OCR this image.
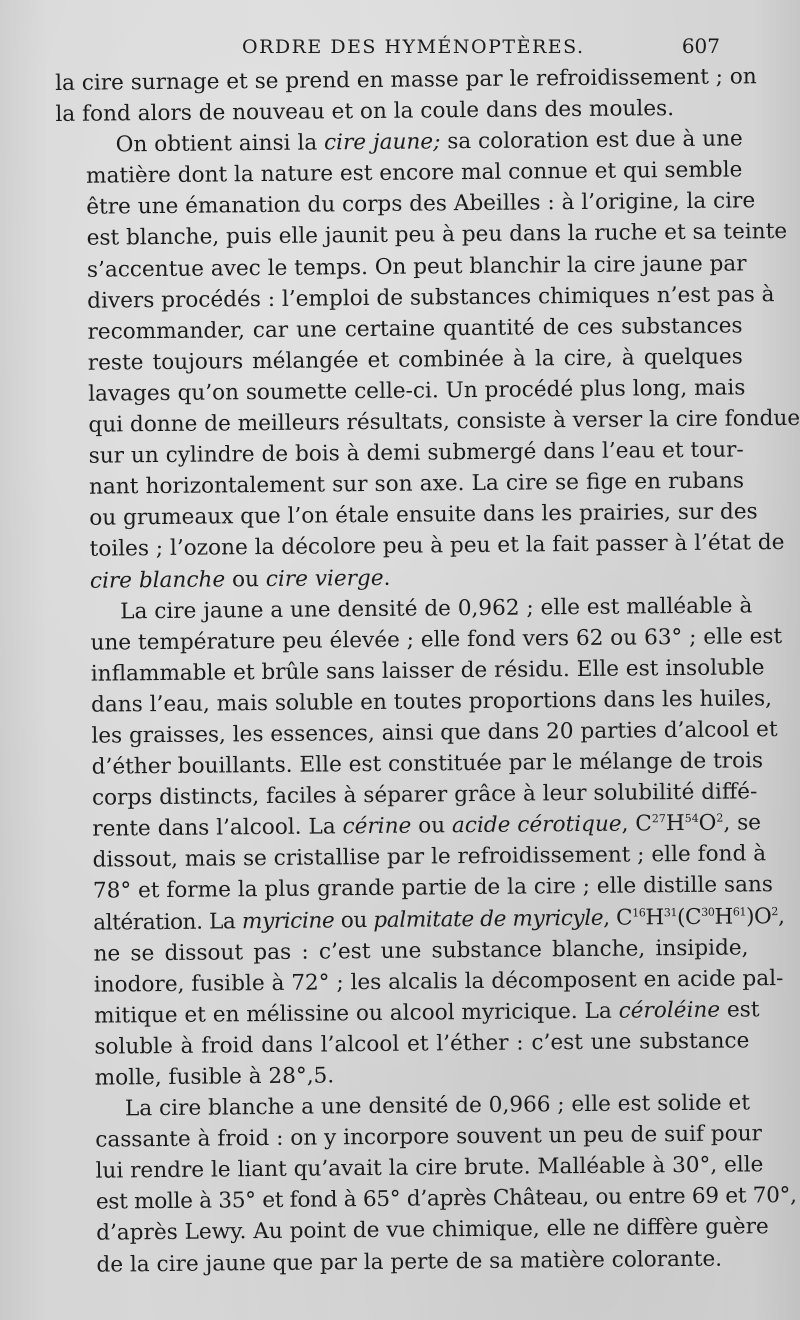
ORDRE DES HYMÉNOPTÈRES.	607
la cire surnage et se prend en masse par le refroidissement ; on
la fond alors de nouveau et on la coule dans des moules.
On obtient ainsi la cire jaune; sa coloration est due à une
matière dont la nature est encore mal connue et qui semble
être une émanation du corps des Abeilles : à l’origine, la cire
est blanche, puis elle jaunit peu à peu dans la ruche et sa teinte
s’accentue avec le temps. On peut blanchir la cire jaune par
divers procédés : l’emploi de substances chimiques n’est pas à
recommander, car une certaine quantité de ces substances
reste toujours mélangée et combinée à la cire, à quelques
lavages qu’on soumette celle-ci. Un procédé plus long, mais
qui donne de meilleurs résultats, consiste à verser la cire fondue
sur un cylindre de bois à demi submergé dans l’eau et tour-
nant horizontalement sur son axe. La cire se fige en rubans
ou grumeaux que l’on étale ensuite dans les prairies, sur des
toiles ; l’ozone la décolore peu à peu et la fait passer à l’état de
cire blanche ou cire vierge.
La cire jaune a une densité de 0,962 ; elle est malléable à
une température peu élevée ; elle fond vers 62 ou 63° ; elle est
inflammable et brûle sans laisser de résidu. Elle est insoluble
dans l’eau, mais soluble en toutes proportions dans les huiles,
les graisses, les essences, ainsi que dans 20 parties d’alcool et
d’éther bouillants. Elle est constituée par le mélange de trois
corps distincts, faciles à séparer grâce à leur solubilité diffé-
rente dans l’alcool. La cérine ou acide cérotique, $C^{27}H^{54}O^2$, se
dissout, mais se cristallise par le refroidissement ; elle fond à
78° et forme la plus grande partie de la cire ; elle distille sans
altération. La myricine ou palmitate de myricyle, $C^{16}H^{31}(C^{30}H^{61})O^2$,
ne se dissout pas : c’est une substance blanche, insipide,
inodore, fusible à 72° ; les alcalis la décomposent en acide pal-
mitique et en mélissine ou alcool myricique. La céroléine est
soluble à froid dans l’alcool et l’éther : c’est une substance
molle, fusible à 28°,5.
La cire blanche a une densité de 0,966 ; elle est solide et
cassante à froid : on y incorpore souvent un peu de suif pour
lui rendre le liant qu’avait la cire brute. Malléable à 30°, elle
est molle à 35° et fond à 65° d’après Château, ou entre 69 et 70°,
d’après Lewy. Au point de vue chimique, elle ne diffère guère
de la cire jaune que par la perte de sa matière colorante.
